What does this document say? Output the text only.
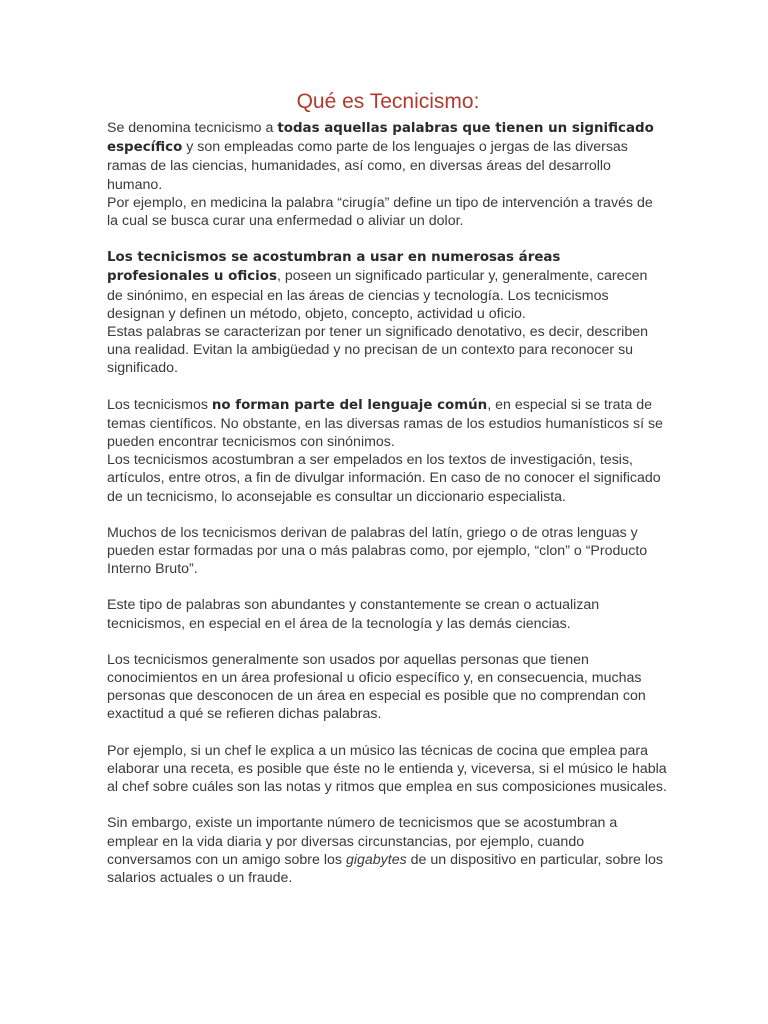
Qué es Tecnicismo:

Se denomina tecnicismo a todas aquellas palabras que tienen un significado específico y son empleadas como parte de los lenguajes o jergas de las diversas ramas de las ciencias, humanidades, así como, en diversas áreas del desarrollo humano.

Por ejemplo, en medicina la palabra “cirugía” define un tipo de intervención a través de la cual se busca curar una enfermedad o aliviar un dolor.

Los tecnicismos se acostumbran a usar en numerosas áreas profesionales u oficios, poseen un significado particular y, generalmente, carecen de sinónimo, en especial en las áreas de ciencias y tecnología. Los tecnicismos designan y definen un método, objeto, concepto, actividad u oficio.

Estas palabras se caracterizan por tener un significado denotativo, es decir, describen una realidad. Evitan la ambigüedad y no precisan de un contexto para reconocer su significado.

Los tecnicismos no forman parte del lenguaje común, en especial si se trata de temas científicos. No obstante, en las diversas ramas de los estudios humanísticos sí se pueden encontrar tecnicismos con sinónimos.

Los tecnicismos acostumbran a ser empelados en los textos de investigación, tesis, artículos, entre otros, a fin de divulgar información. En caso de no conocer el significado de un tecnicismo, lo aconsejable es consultar un diccionario especialista.

Muchos de los tecnicismos derivan de palabras del latín, griego o de otras lenguas y pueden estar formadas por una o más palabras como, por ejemplo, “clon” o “Producto Interno Bruto”.

Este tipo de palabras son abundantes y constantemente se crean o actualizan tecnicismos, en especial en el área de la tecnología y las demás ciencias.

Los tecnicismos generalmente son usados por aquellas personas que tienen conocimientos en un área profesional u oficio específico y, en consecuencia, muchas personas que desconocen de un área en especial es posible que no comprendan con exactitud a qué se refieren dichas palabras.

Por ejemplo, si un chef le explica a un músico las técnicas de cocina que emplea para elaborar una receta, es posible que éste no le entienda y, viceversa, si el músico le habla al chef sobre cuáles son las notas y ritmos que emplea en sus composiciones musicales.

Sin embargo, existe un importante número de tecnicismos que se acostumbran a emplear en la vida diaria y por diversas circunstancias, por ejemplo, cuando conversamos con un amigo sobre los gigabytes de un dispositivo en particular, sobre los salarios actuales o un fraude.
